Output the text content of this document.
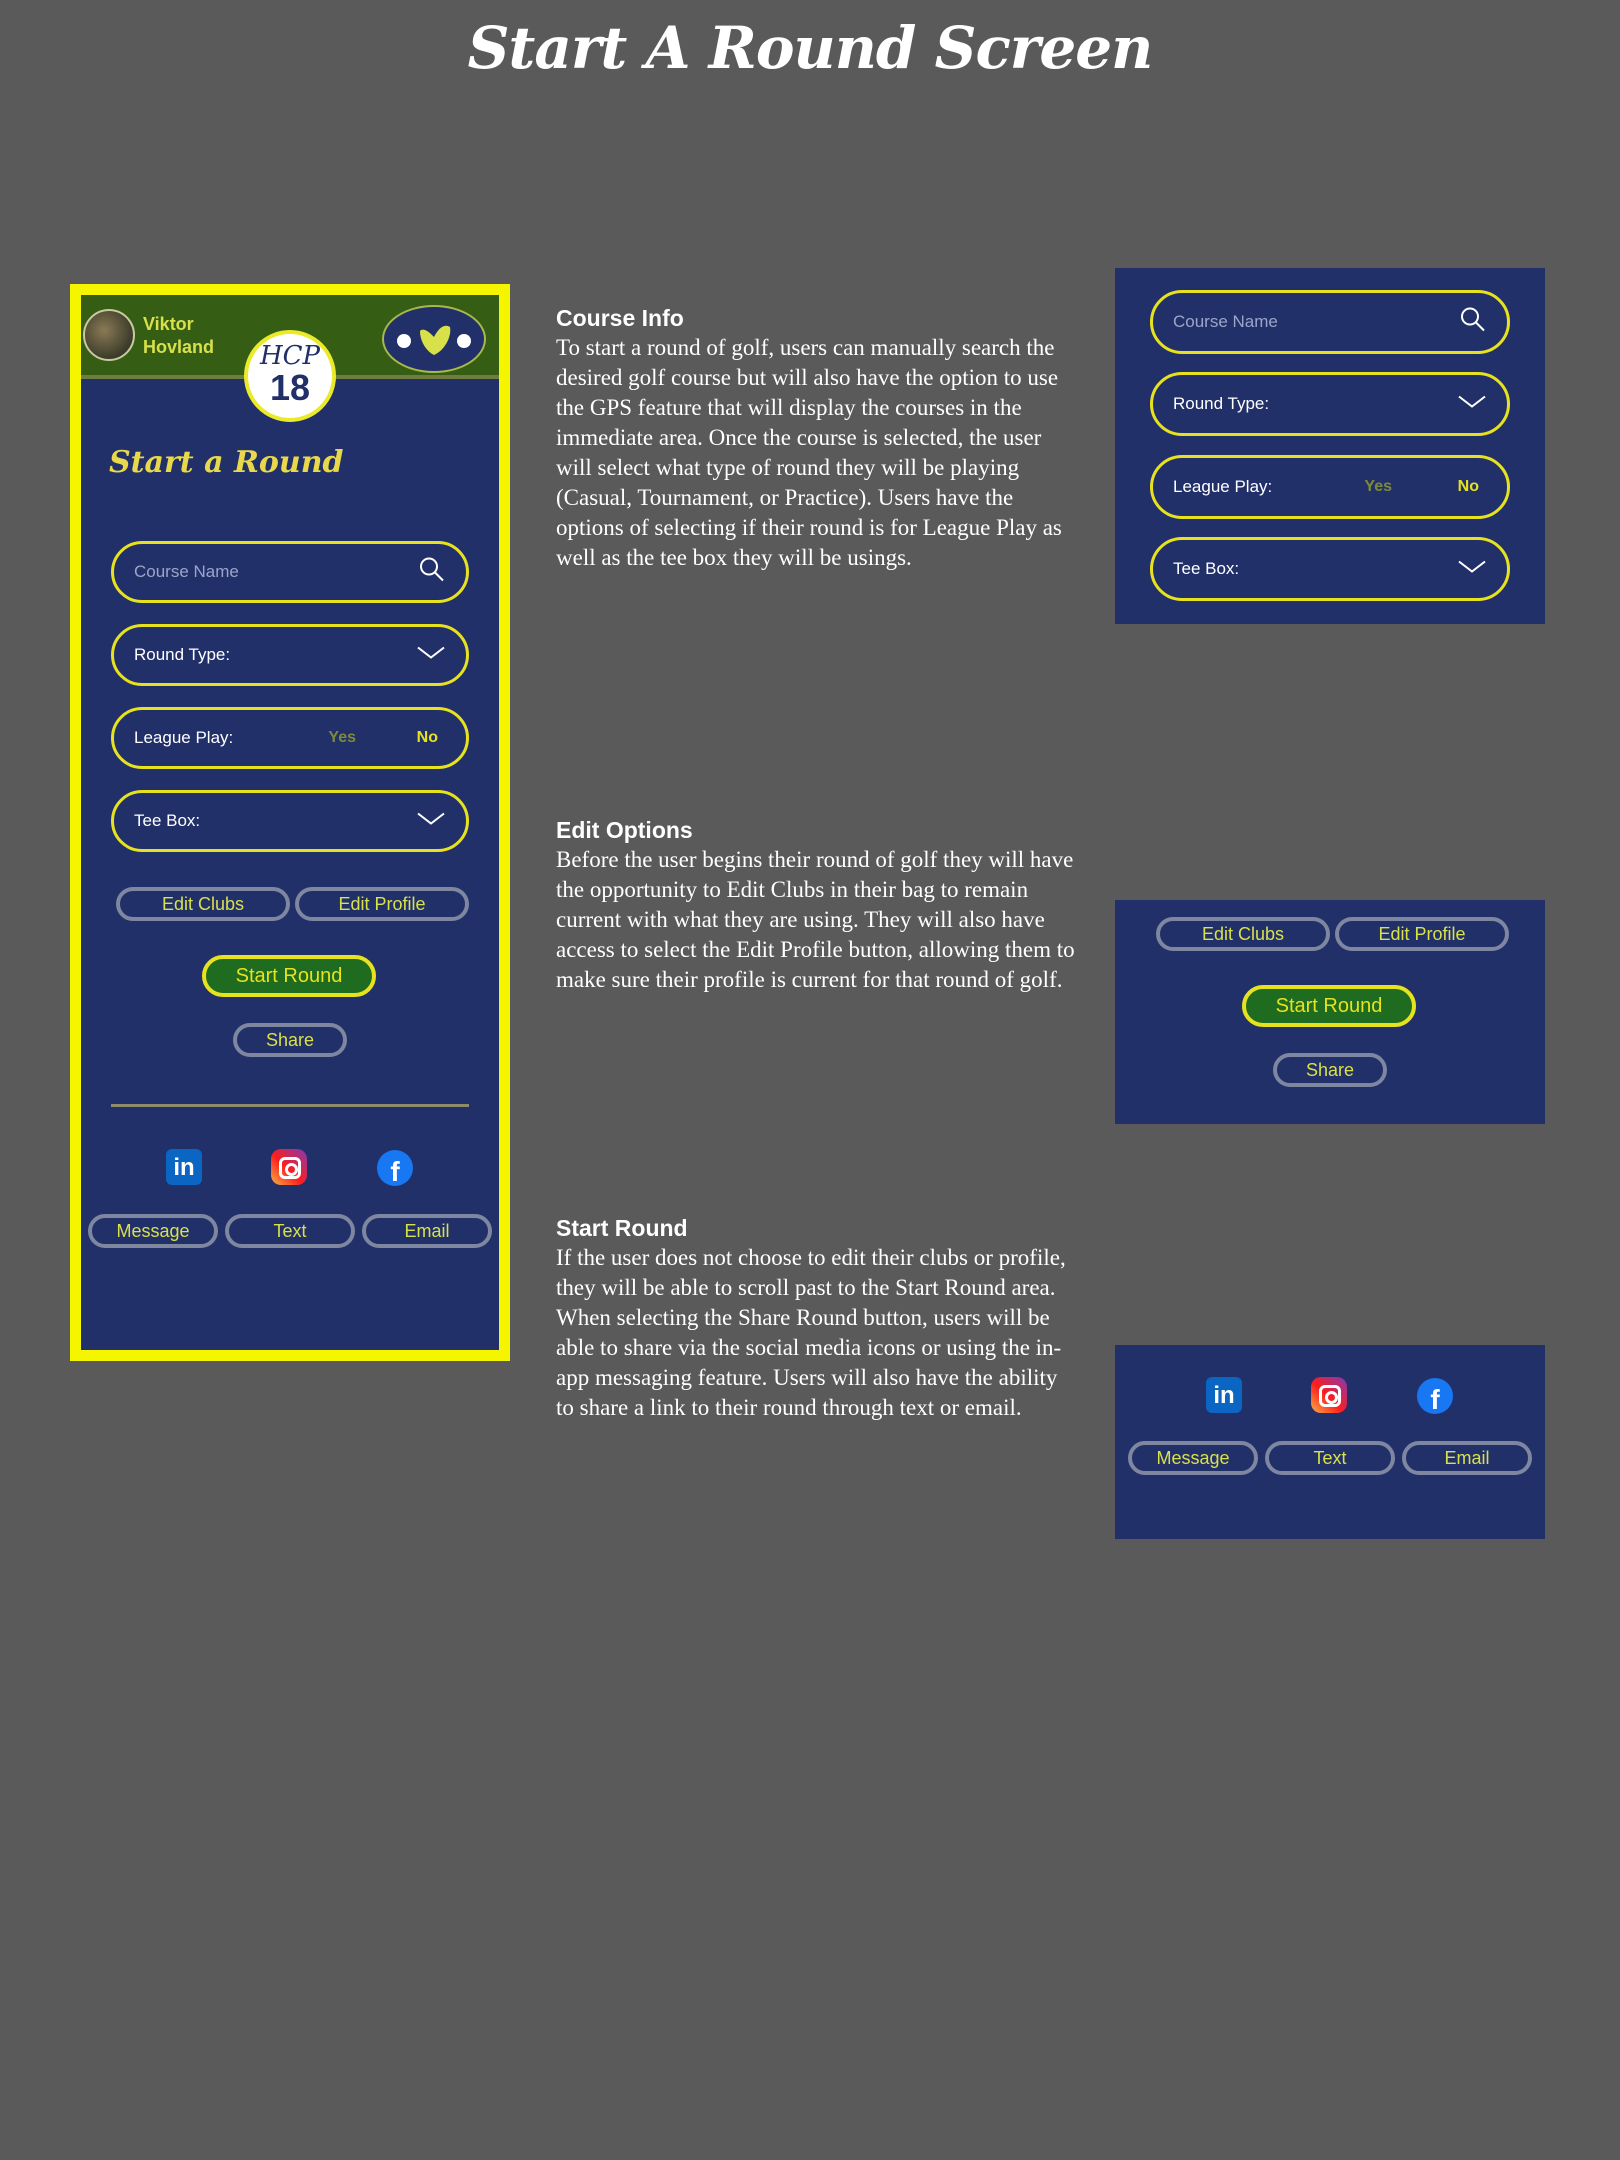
Start A Round Screen
Viktor
Hovland	HCP
18
Start a Round
Course Name
Round Type:
League Play:	Yes	No
Tee Box:
Edit Clubs	Edit Profile
Start Round
Share
in	f
Message	Text	Email
Course Info

To start a round of golf, users can manually search the desired golf course but will also have the option to use the GPS feature that will display the courses in the immediate area. Once the course is selected, the user will select what type of round they will be playing (Casual, Tournament, or Practice). Users have the options of selecting if their round is for League Play as well as the tee box they will be usings.

Edit Options

Before the user begins their round of golf they will have the opportunity to Edit Clubs in their bag to remain current with what they are using. They will also have access to select the Edit Profile button, allowing them to make sure their profile is current for that round of golf.

Start Round

If the user does not choose to edit their clubs or profile, they will be able to scroll past to the Start Round area. When selecting the Share Round button, users will be able to share via the social media icons or using the in-app messaging feature. Users will also have the ability to share a link to their round through text or email.

Course Name
Round Type:
League Play:	Yes	No
Tee Box:
Edit Clubs	Edit Profile
Start Round
Share
in	f
Message	Text	Email
